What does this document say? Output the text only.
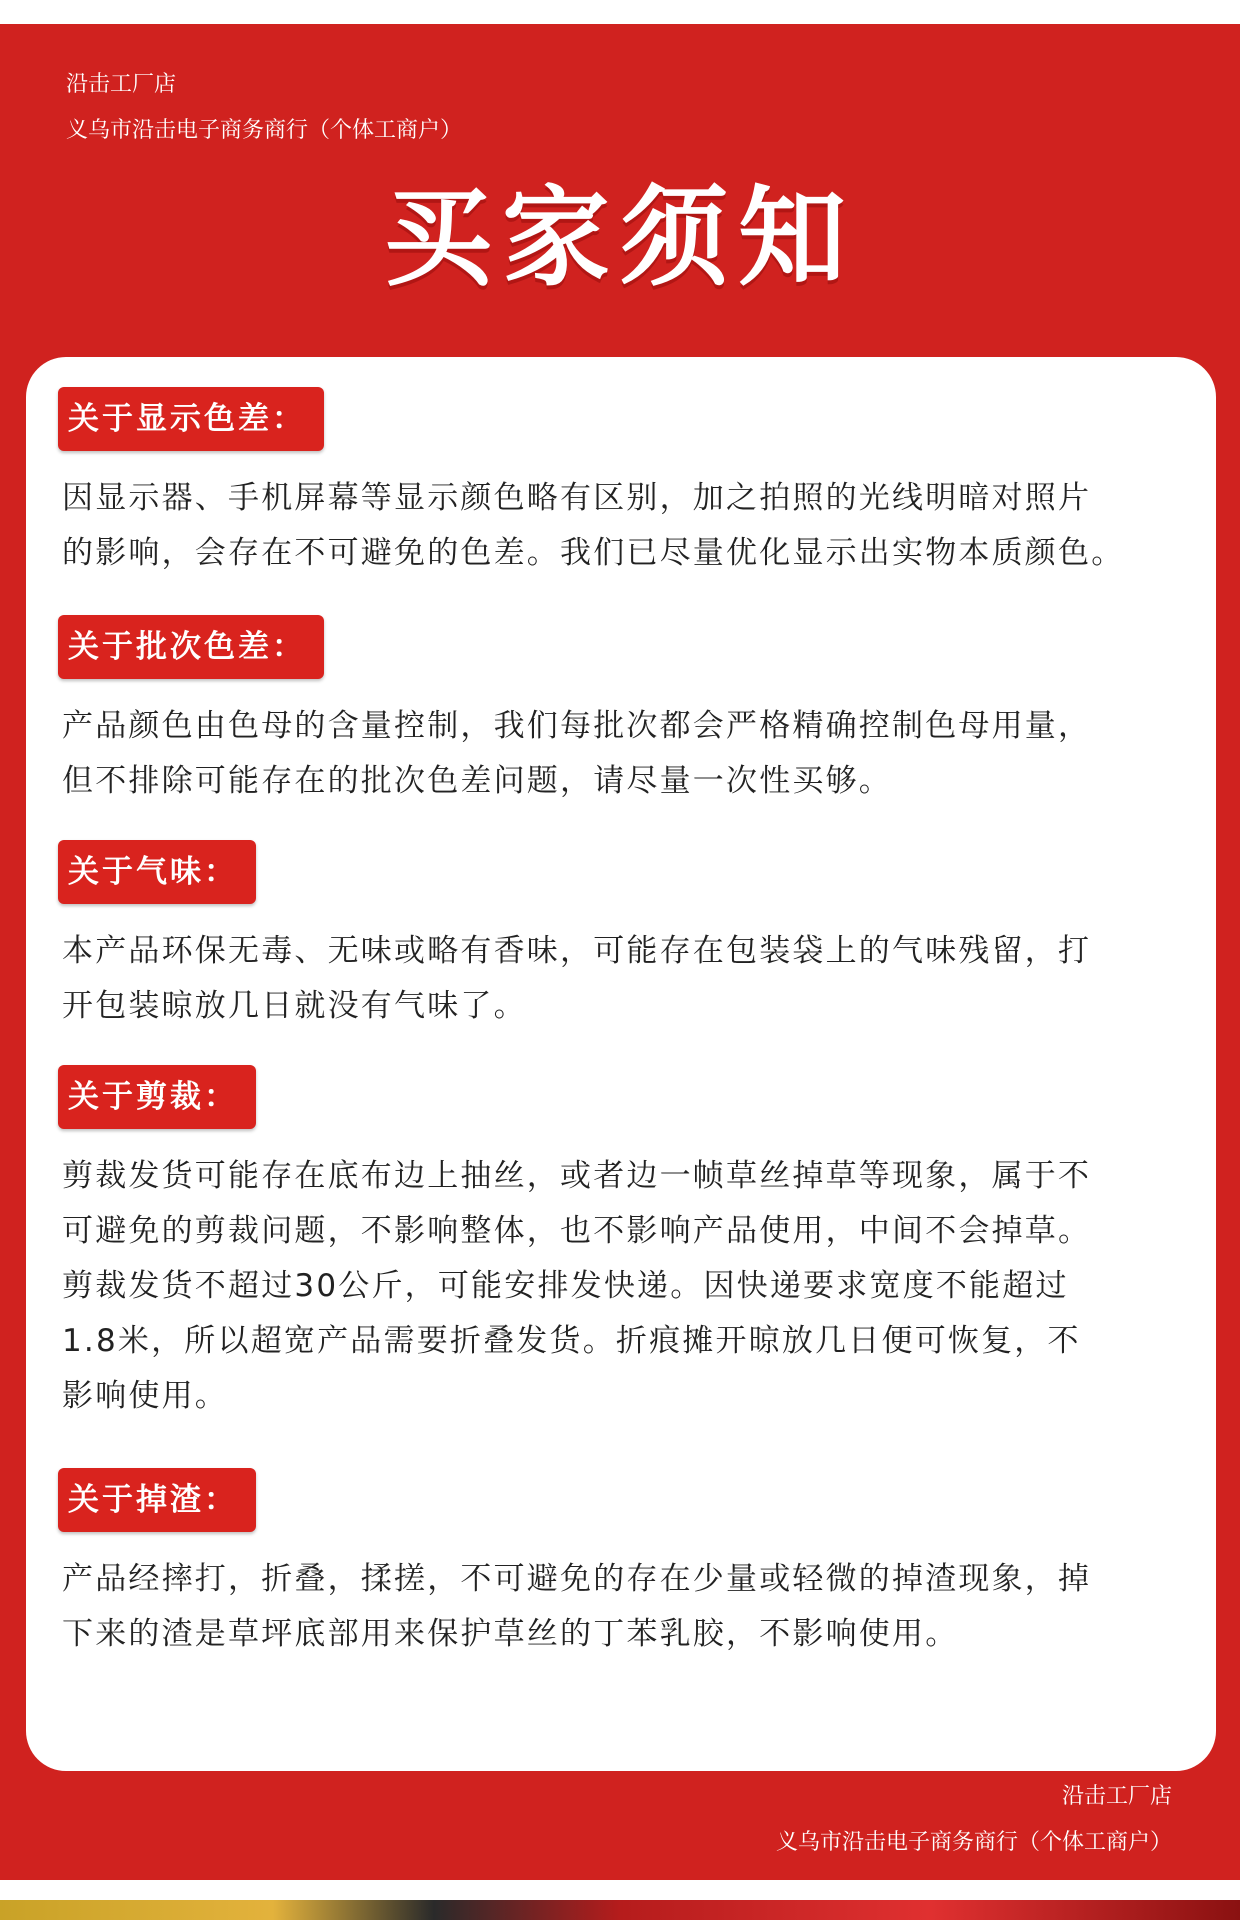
沿击工厂店
义乌市沿击电子商务商行（个体工商户）
买家须知
关于显示色差：
因显示器、手机屏幕等显示颜色略有区别，加之拍照的光线明暗对照片
的影响，会存在不可避免的色差。我们已尽量优化显示出实物本质颜色。
关于批次色差：
产品颜色由色母的含量控制，我们每批次都会严格精确控制色母用量，
但不排除可能存在的批次色差问题，请尽量一次性买够。
关于气味：
本产品环保无毒、无味或略有香味，可能存在包装袋上的气味残留，打
开包装晾放几日就没有气味了。
关于剪裁：
剪裁发货可能存在底布边上抽丝，或者边一帧草丝掉草等现象，属于不
可避免的剪裁问题，不影响整体，也不影响产品使用，中间不会掉草。
剪裁发货不超过30公斤，可能安排发快递。因快递要求宽度不能超过
1.8米，所以超宽产品需要折叠发货。折痕摊开晾放几日便可恢复，不
影响使用。
关于掉渣：
产品经摔打，折叠，揉搓，不可避免的存在少量或轻微的掉渣现象，掉
下来的渣是草坪底部用来保护草丝的丁苯乳胶，不影响使用。
沿击工厂店
义乌市沿击电子商务商行（个体工商户）
